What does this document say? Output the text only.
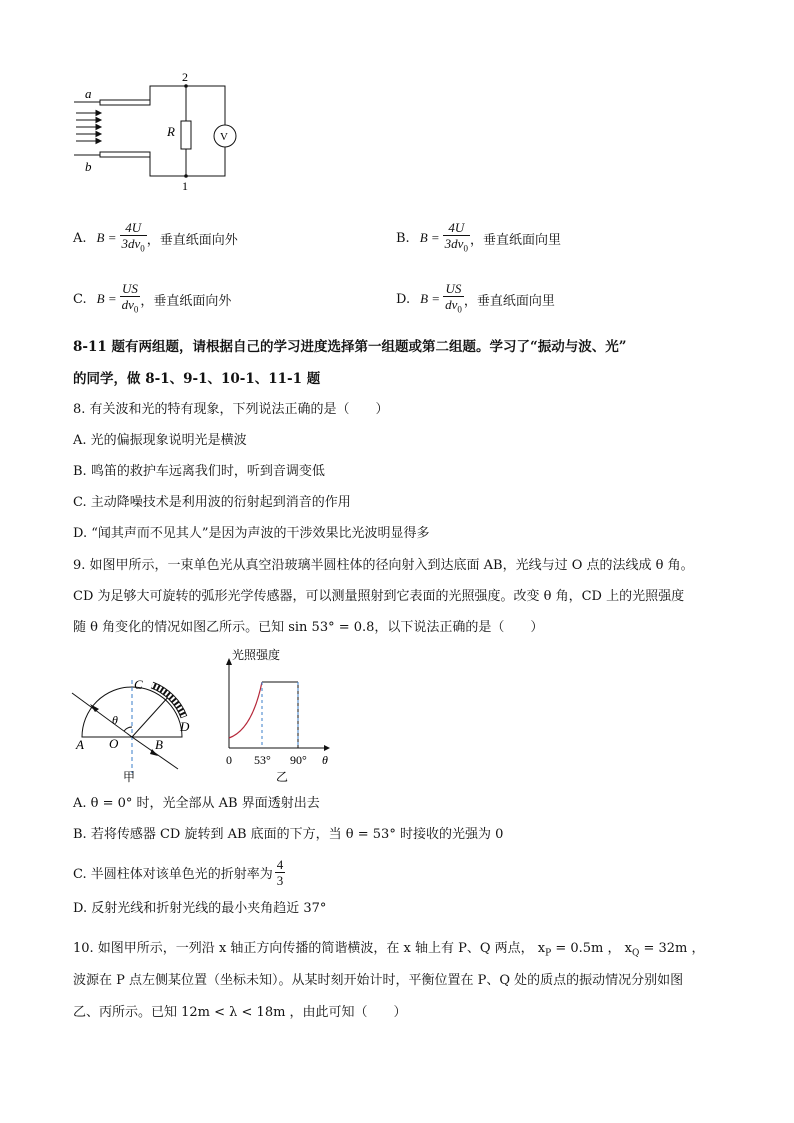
a
b
R	V
2
1
A. $B = \frac{4U}{3dv_0}$ ，垂直纸面向外	B. $B = \frac{4U}{3dv_0}$ ，垂直纸面向里
C. $B = \frac{US}{dv_0}$ ，垂直纸面向外	D. $B = \frac{US}{dv_0}$ ，垂直纸面向里
8-11 题有两组题，请根据自己的学习进度选择第一组题或第二组题。学习了“振动与波、光”
的同学，做 8-1、9-1、10-1、11-1 题
8. 有关波和光的特有现象，下列说法正确的是（　　）
A. 光的偏振现象说明光是横波
B. 鸣笛的救护车远离我们时，听到音调变低
C. 主动降噪技术是利用波的衍射起到消音的作用
D. “闻其声而不见其人”是因为声波的干涉效果比光波明显得多
9. 如图甲所示，一束单色光从真空沿玻璃半圆柱体的径向射入到达底面 AB，光线与过 O 点的法线成 θ 角。
CD 为足够大可旋转的弧形光学传感器，可以测量照射到它表面的光照强度。改变 θ 角，CD 上的光照强度
随 θ 角变化的情况如图乙所示。已知 sin 53° = 0.8，以下说法正确的是（　　）
C
D
A O	B
θ
甲
光照强度
θ
0 53° 90°
乙
A. θ = 0° 时，光全部从 AB 界面透射出去
B. 若将传感器 CD 旋转到 AB 底面的下方，当 θ = 53° 时接收的光强为 0
C. 半圆柱体对该单色光的折射率为 $\frac{4}{3}$
D. 反射光线和折射光线的最小夹角趋近 37°
10. 如图甲所示，一列沿 x 轴正方向传播的简谐横波，在 x 轴上有 P、Q 两点， $x_P = 0.5m$ ， $x_Q = 32m$ ，
波源在 P 点左侧某位置（坐标未知）。从某时刻开始计时，平衡位置在 P、Q 处的质点的振动情况分别如图
乙、丙所示。已知 12m < λ < 18m ，由此可知（　　）
